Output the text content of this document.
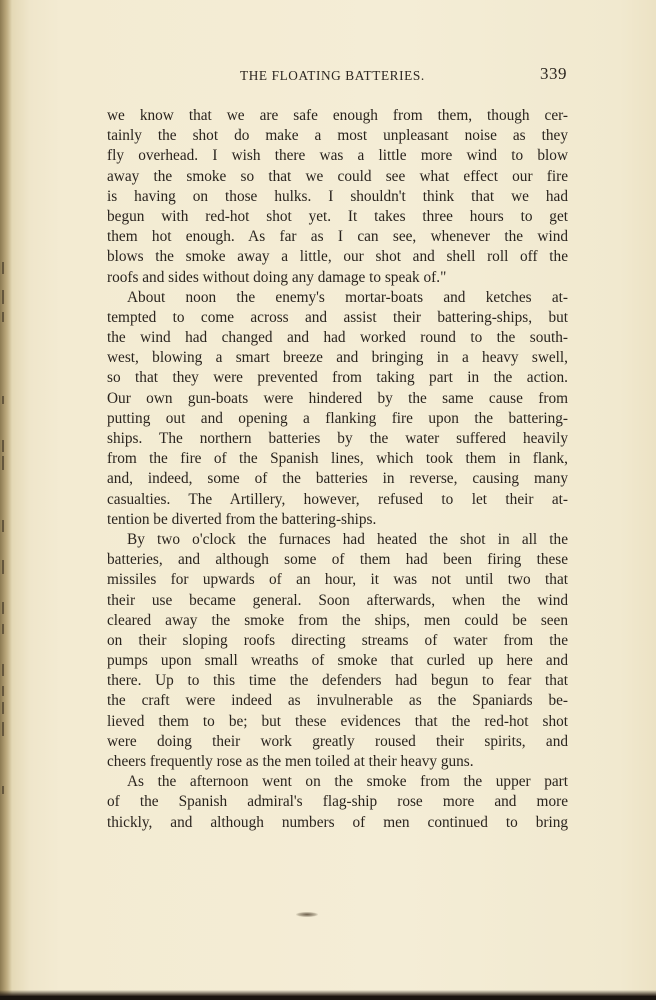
THE FLOATING BATTERIES.	339
we know that we are safe enough from them, though cer-
tainly the shot do make a most unpleasant noise as they
fly overhead. I wish there was a little more wind to blow
away the smoke so that we could see what effect our fire
is having on those hulks. I shouldn't think that we had
begun with red-hot shot yet. It takes three hours to get
them hot enough. As far as I can see, whenever the wind
blows the smoke away a little, our shot and shell roll off the
roofs and sides without doing any damage to speak of."
About noon the enemy's mortar-boats and ketches at-
tempted to come across and assist their battering-ships, but
the wind had changed and had worked round to the south-
west, blowing a smart breeze and bringing in a heavy swell,
so that they were prevented from taking part in the action.
Our own gun-boats were hindered by the same cause from
putting out and opening a flanking fire upon the battering-
ships. The northern batteries by the water suffered heavily
from the fire of the Spanish lines, which took them in flank,
and, indeed, some of the batteries in reverse, causing many
casualties. The Artillery, however, refused to let their at-
tention be diverted from the battering-ships.
By two o'clock the furnaces had heated the shot in all the
batteries, and although some of them had been firing these
missiles for upwards of an hour, it was not until two that
their use became general. Soon afterwards, when the wind
cleared away the smoke from the ships, men could be seen
on their sloping roofs directing streams of water from the
pumps upon small wreaths of smoke that curled up here and
there. Up to this time the defenders had begun to fear that
the craft were indeed as invulnerable as the Spaniards be-
lieved them to be; but these evidences that the red-hot shot
were doing their work greatly roused their spirits, and
cheers frequently rose as the men toiled at their heavy guns.
As the afternoon went on the smoke from the upper part
of the Spanish admiral's flag-ship rose more and more
thickly, and although numbers of men continued to bring
